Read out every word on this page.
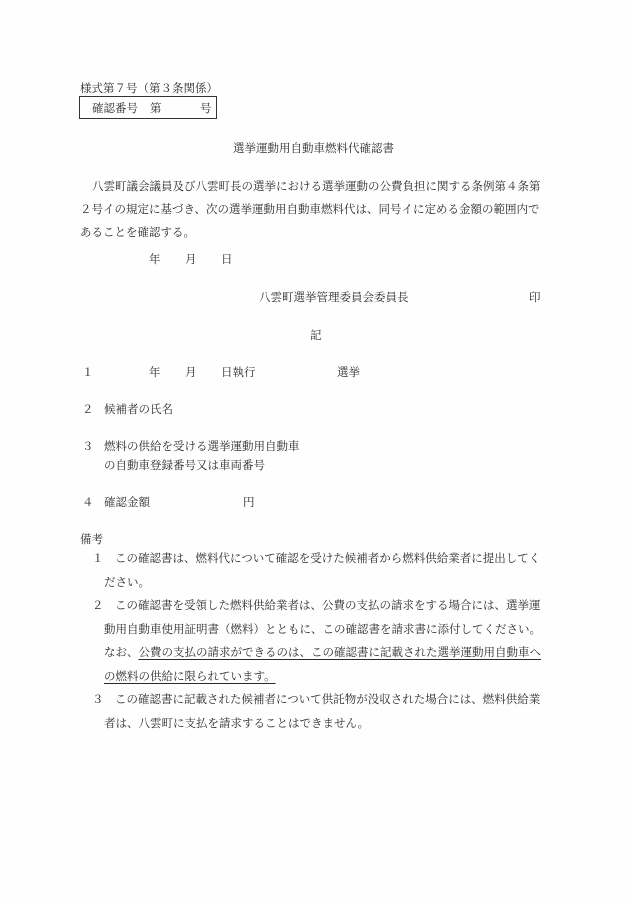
様式第７号（第３条関係）
確認番号 第	号
選挙運動用自動車燃料代確認書
八雲町議会議員及び八雲町長の選挙における選挙運動の公費負担に関する条例第４条第
２号イの規定に基づき、次の選挙運動用自動車燃料代は、同号イに定める金額の範囲内で
あることを確認する。
年 月 日
八雲町選挙管理委員会委員長	印
記
１	年 月 日執行	選挙
２ 候補者の氏名
３ 燃料の供給を受ける選挙運動用自動車
の自動車登録番号又は車両番号
４ 確認金額	円
備考
１　この確認書は、燃料代について確認を受けた候補者から燃料供給業者に提出してく
ださい。
２　この確認書を受領した燃料供給業者は、公費の支払の請求をする場合には、選挙運
動用自動車使用証明書（燃料）とともに、この確認書を請求書に添付してください。
なお、公費の支払の請求ができるのは、この確認書に記載された選挙運動用自動車へ
の燃料の供給に限られています。
３　この確認書に記載された候補者について供託物が没収された場合には、燃料供給業
者は、八雲町に支払を請求することはできません。
